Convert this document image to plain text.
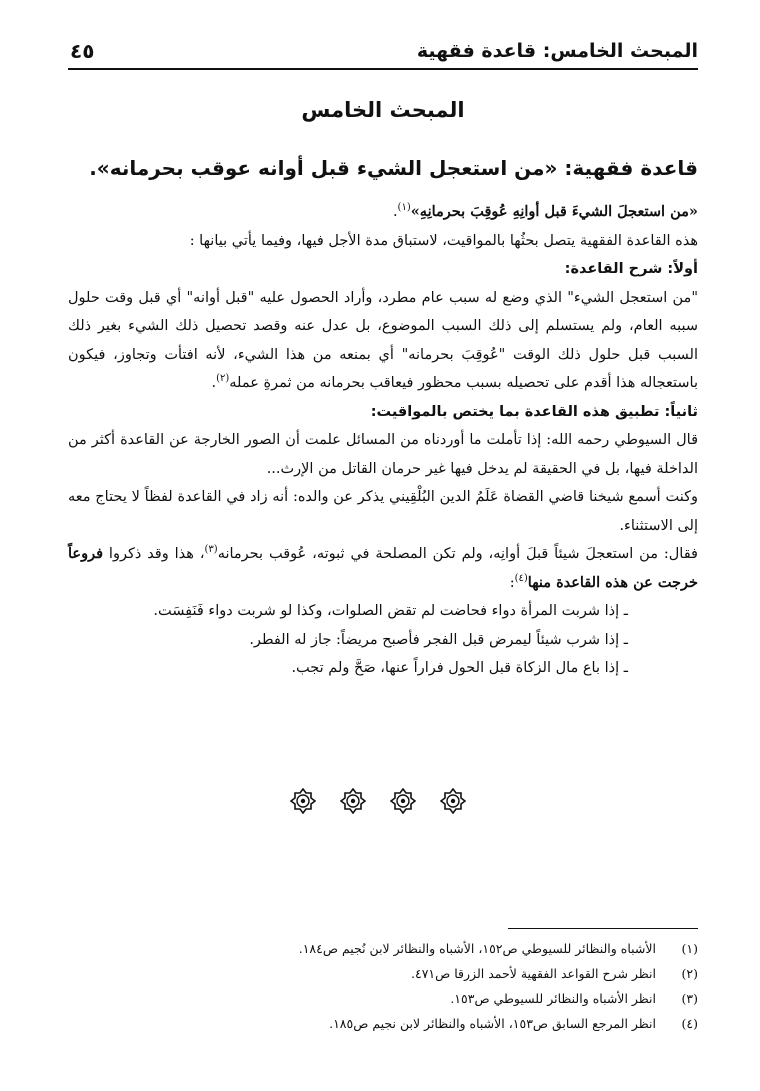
المبحث الخامس: قاعدة فقهية
٤٥
المبحث الخامس
قاعدة فقهية: «من استعجل الشيء قبل أوانه عوقب بحرمانه».

«من استعجلَ الشيءَ قبل أوانِهِ عُوقِبَ بحرمانِهِ»$^{(١)}$.

هذه القاعدة الفقهية يتصل بحثُها بالمواقيت، لاستباق مدة الأجل فيها، وفيما يأتي بيانها :

أولاً: شرح القاعدة:

"من استعجل الشيء" الذي وضع له سبب عام مطرد، وأراد الحصول عليه "قبل أوانه" أي قبل وقت حلول سببه العام، ولم يستسلم إلى ذلك السبب الموضوع، بل عدل عنه وقصد تحصيل ذلك الشيء بغير ذلك السبب قبل حلول ذلك الوقت "عُوقِبَ بحرمانه" أي بمنعه من هذا الشيء، لأنه افتأت وتجاوز، فيكون باستعجاله هذا أقدم على تحصيله بسبب محظور فيعاقب بحرمانه من ثمرةِ عمله$^{(٢)}$.

ثانياً: تطبيق هذه القاعدة بما يختص بالمواقيت:

قال السيوطي رحمه الله: إذا تأملت ما أوردناه من المسائل علمت أن الصور الخارجة عن القاعدة أكثر من الداخلة فيها، بل في الحقيقة لم يدخل فيها غير حرمان القاتل من الإرث...

وكنت أسمع شيخنا قاضي القضاة عَلَمُ الدين البُلْقِيني يذكر عن والده: أنه زاد في القاعدة لفظاً لا يحتاج معه إلى الاستثناء.

فقال: من استعجلَ شيئاً قبلَ أوانِه، ولم تكن المصلحة في ثبوته، عُوقب بحرمانه$^{(٣)}$، هذا وقد ذكروا فروعاً خرجت عن هذه القاعدة منها$^{(٤)}$:

ـ إذا شربت المرأة دواء فحاضت لم تقض الصلوات، وكذا لو شربت دواء فَنَفِسَت.

ـ إذا شرب شيئاً ليمرض قبل الفجر فأصبح مريضاً: جاز له الفطر.

ـ إذا باع مال الزكاة قبل الحول فراراً عنها، صَحَّ ولم تجب.

(١)
الأشباه والنظائر للسيوطي ص١٥٢، الأشباه والنظائر لابن نُجيم ص١٨٤.
(٢)
انظر شرح القواعد الفقهية لأحمد الزرقا ص٤٧١.
(٣)
انظر الأشباه والنظائر للسيوطي ص١٥٣.
(٤)
انظر المرجع السابق ص١٥٣، الأشباه والنظائر لابن نجيم ص١٨٥.
